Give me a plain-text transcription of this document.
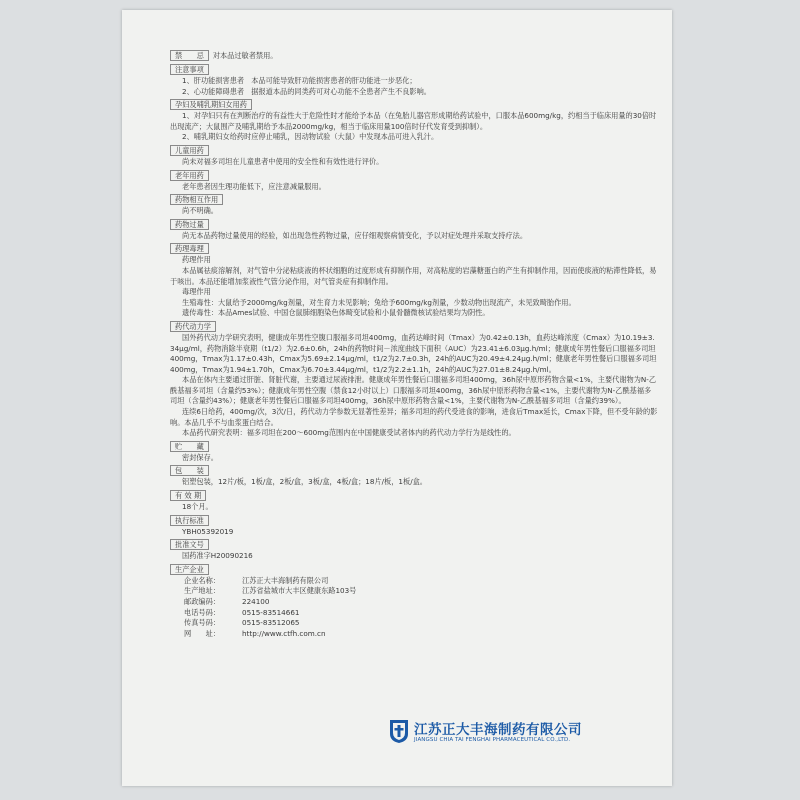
禁　　忌 对本品过敏者禁用。
注意事项

1、肝功能损害患者　本品可能导致肝功能损害患者的肝功能进一步恶化；

2、心功能障碍患者　据报道本品的同类药可对心功能不全患者产生不良影响。

孕妇及哺乳期妇女用药

1、对孕妇只有在判断治疗的有益性大于危险性时才能给予本品（在兔胎儿器官形成期给药试验中，口服本品600mg/kg，约相当于临床用量的30倍时出现流产；大鼠围产及哺乳期给予本品2000mg/kg，相当于临床用量100倍时仔代发育受到抑制）。

2、哺乳期妇女给药时应停止哺乳，因动物试验（大鼠）中发现本品可进入乳汁。

儿童用药

尚未对福多司坦在儿童患者中使用的安全性和有效性进行评价。

老年用药

老年患者因生理功能低下，应注意减量服用。

药物相互作用

尚不明确。

药物过量

尚无本品药物过量使用的经验，如出现急性药物过量，应仔细观察病情变化，予以对症处理并采取支持疗法。

药理毒理

药理作用

本品属祛痰溶解剂，对气管中分泌粘痰液的杯状细胞的过度形成有抑制作用，对高粘度的岩藻糖蛋白的产生有抑制作用，因而使痰液的粘滞性降低，易于咳出。本品还能增加浆液性气管分泌作用，对气管炎症有抑制作用。

毒理作用

生殖毒性：大鼠给予2000mg/kg剂量，对生育力未见影响；兔给予600mg/kg剂量，少数动物出现流产，未见致畸胎作用。

遗传毒性：本品Ames试验、中国仓鼠肺细胞染色体畸变试验和小鼠骨髓微核试验结果均为阴性。

药代动力学

国外药代动力学研究表明，健康成年男性空腹口服福多司坦400mg，血药达峰时间（Tmax）为0.42±0.13h，血药达峰浓度（Cmax）为10.19±3.34μg/ml，药物消除半衰期（t1/2）为2.6±0.6h，24h的药物时间－浓度曲线下面积（AUC）为23.41±6.03μg.h/ml；健康成年男性餐后口服福多司坦400mg，Tmax为1.17±0.43h，Cmax为5.69±2.14μg/ml，t1/2为2.7±0.3h，24h的AUC为20.49±4.24μg.h/ml；健康老年男性餐后口服福多司坦400mg，Tmax为1.94±1.70h，Cmax为6.70±3.44μg/ml，t1/2为2.2±1.1h，24h的AUC为27.01±8.24μg.h/ml。

本品在体内主要通过肝脏、肾脏代谢，主要通过尿液排泄。健康成年男性餐后口服福多司坦400mg，36h尿中原形药物含量<1%，主要代谢物为N-乙酰基福多司坦（含量约53%）；健康成年男性空腹（禁食12小时以上）口服福多司坦400mg，36h尿中原形药物含量<1%，主要代谢物为N-乙酰基福多司坦（含量约43%）；健康老年男性餐后口服福多司坦400mg，36h尿中原形药物含量<1%，主要代谢物为N-乙酰基福多司坦（含量约39%）。

连续6日给药，400mg/次，3次/日，药代动力学参数无显著性差异；福多司坦的药代受进食的影响，进食后Tmax延长，Cmax下降，但不受年龄的影响。本品几乎不与血浆蛋白结合。

本品药代研究表明：福多司坦在200～600mg范围内在中国健康受试者体内的药代动力学行为是线性的。

贮　　藏

密封保存。

包　　装

铝塑包装，12片/板，1板/盒，2板/盒，3板/盒，4板/盒；18片/板，1板/盒。

有 效 期

18个月。

执行标准

YBH05392019

批准文号

国药准字H20090216

生产企业
企业名称：	江苏正大丰海制药有限公司
生产地址：	江苏省盐城市大丰区健康东路103号
邮政编码：	224100
电话号码：	0515-83514661
传真号码：	0515-83512065
网　　址：	http://www.ctfh.com.cn
江苏正大丰海制药有限公司
JIANGSU CHIA TAI FENGHAI PHARMACEUTICAL CO.,LTD.
